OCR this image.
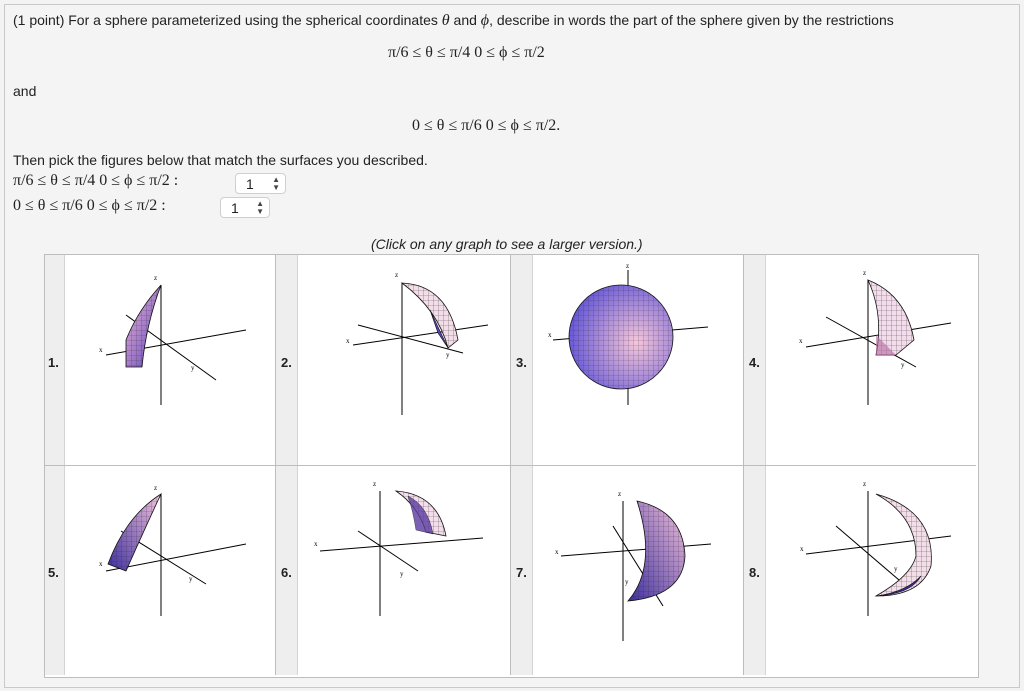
(1 point) For a sphere parameterized using the spherical coordinates θ and ϕ, describe in words the part of the sphere given by the restrictions
π/6 ≤ θ ≤ π/4 0 ≤ ϕ ≤ π/2
and
0 ≤ θ ≤ π/6 0 ≤ ϕ ≤ π/2.
Then pick the figures below that match the surfaces you described.
π/6 ≤ θ ≤ π/4 0 ≤ ϕ ≤ π/2 :	1 ▲
▼
0 ≤ θ ≤ π/6 0 ≤ ϕ ≤ π/2 :	1 ▲
▼
(Click on any graph to see a larger version.)
1.	2.	3.	4.
5.	6.	7.	8.
x
y
z
x
y
z
x
z
x
y
z
x
y
z
x
y
z
x
y
z
x
y
z
